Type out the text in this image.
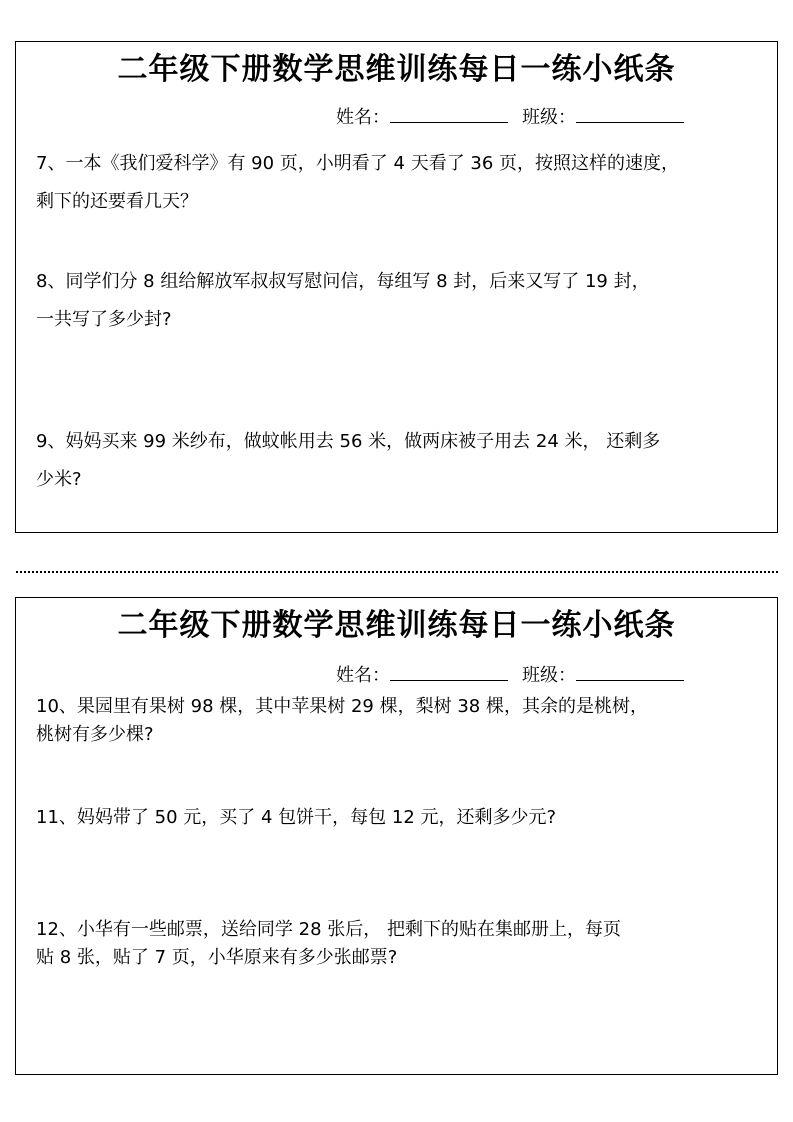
二年级下册数学思维训练每日一练小纸条
姓名：	班级：
7、一本《我们爱科学》有 90 页，小明看了 4 天看了 36 页，按照这样的速度，
剩下的还要看几天？
8、同学们分 8 组给解放军叔叔写慰问信，每组写 8 封，后来又写了 19 封，
一共写了多少封?
9、妈妈买来 99 米纱布，做蚊帐用去 56 米，做两床被子用去 24 米， 还剩多
少米?
二年级下册数学思维训练每日一练小纸条
姓名：	班级：
10、果园里有果树 98 棵，其中苹果树 29 棵，梨树 38 棵，其余的是桃树，
桃树有多少棵?
11、妈妈带了 50 元，买了 4 包饼干，每包 12 元，还剩多少元?
12、小华有一些邮票，送给同学 28 张后， 把剩下的贴在集邮册上，每页
贴 8 张，贴了 7 页，小华原来有多少张邮票?
